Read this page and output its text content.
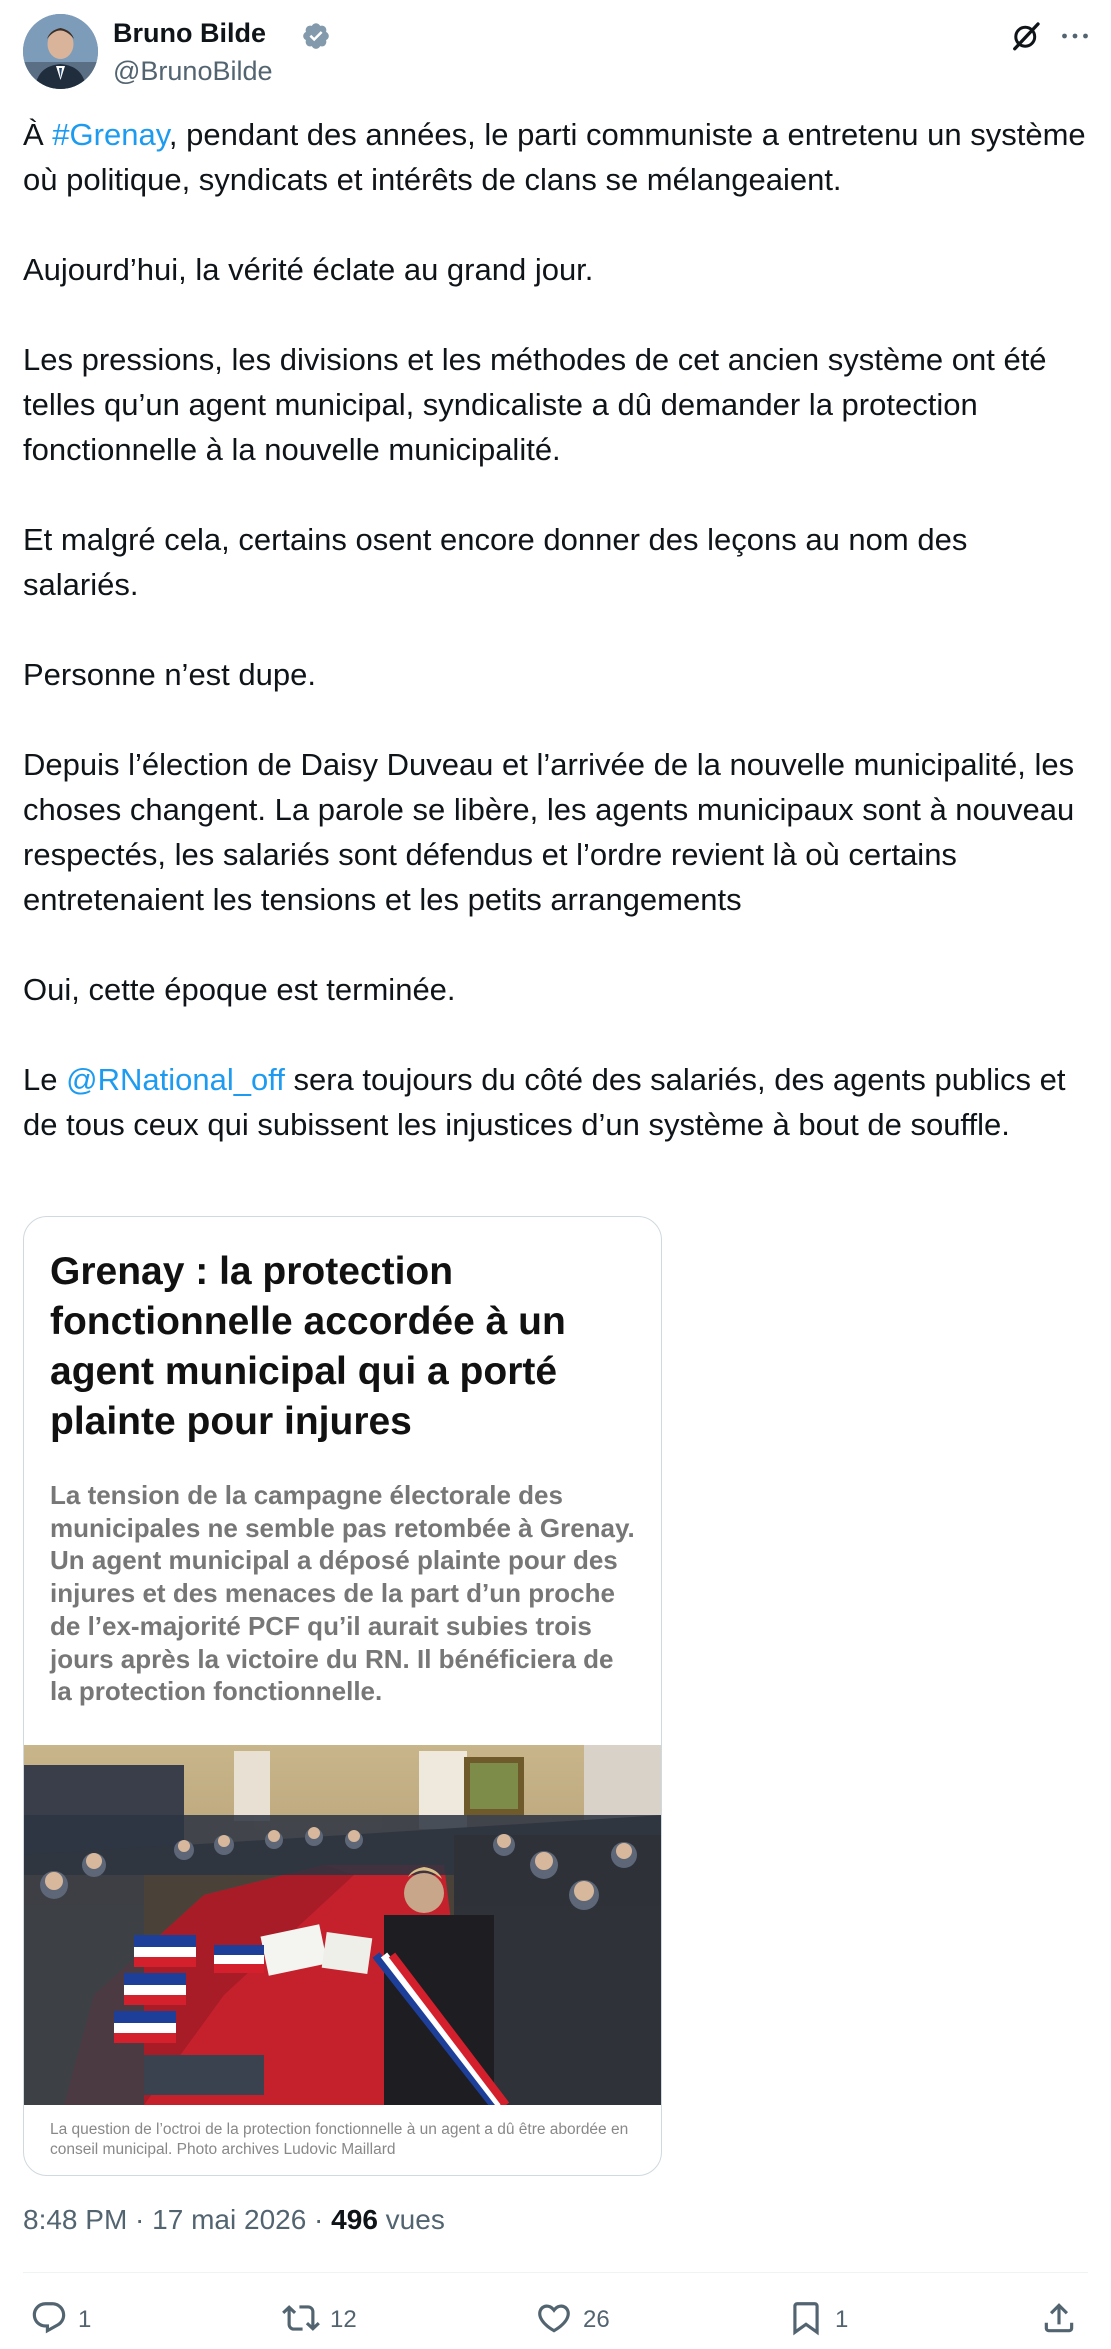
Bruno Bilde
@BrunoBilde

À #Grenay, pendant des années, le parti communiste a entretenu un système où politique, syndicats et intérêts de clans se mélangeaient.

Aujourd’hui, la vérité éclate au grand jour.

Les pressions, les divisions et les méthodes de cet ancien système ont été telles qu’un agent municipal, syndicaliste a dû demander la protection fonctionnelle à la nouvelle municipalité.

Et malgré cela, certains osent encore donner des leçons au nom des salariés.

Personne n’est dupe.

Depuis l’élection de Daisy Duveau et l’arrivée de la nouvelle municipalité, les choses changent. La parole se libère, les agents municipaux sont à nouveau respectés, les salariés sont défendus et l’ordre revient là où certains entretenaient les tensions et les petits arrangements

Oui, cette époque est terminée.

Le @RNational_off sera toujours du côté des salariés, des agents publics et de tous ceux qui subissent les injustices d’un système à bout de souffle.

Grenay : la protection fonctionnelle accordée à un agent municipal qui a porté plainte pour injures
La tension de la campagne électorale des municipales ne semble pas retombée à Grenay. Un agent municipal a déposé plainte pour des injures et des menaces de la part d’un proche de l’ex-majorité PCF qu’il aurait subies trois jours après la victoire du RN. Il bénéficiera de la protection fonctionnelle.
La question de l’octroi de la protection fonctionnelle à un agent a dû être abordée en conseil municipal. Photo archives Ludovic Maillard
8:48 PM · 17 mai 2026 · 496 vues
1	12	26	1
